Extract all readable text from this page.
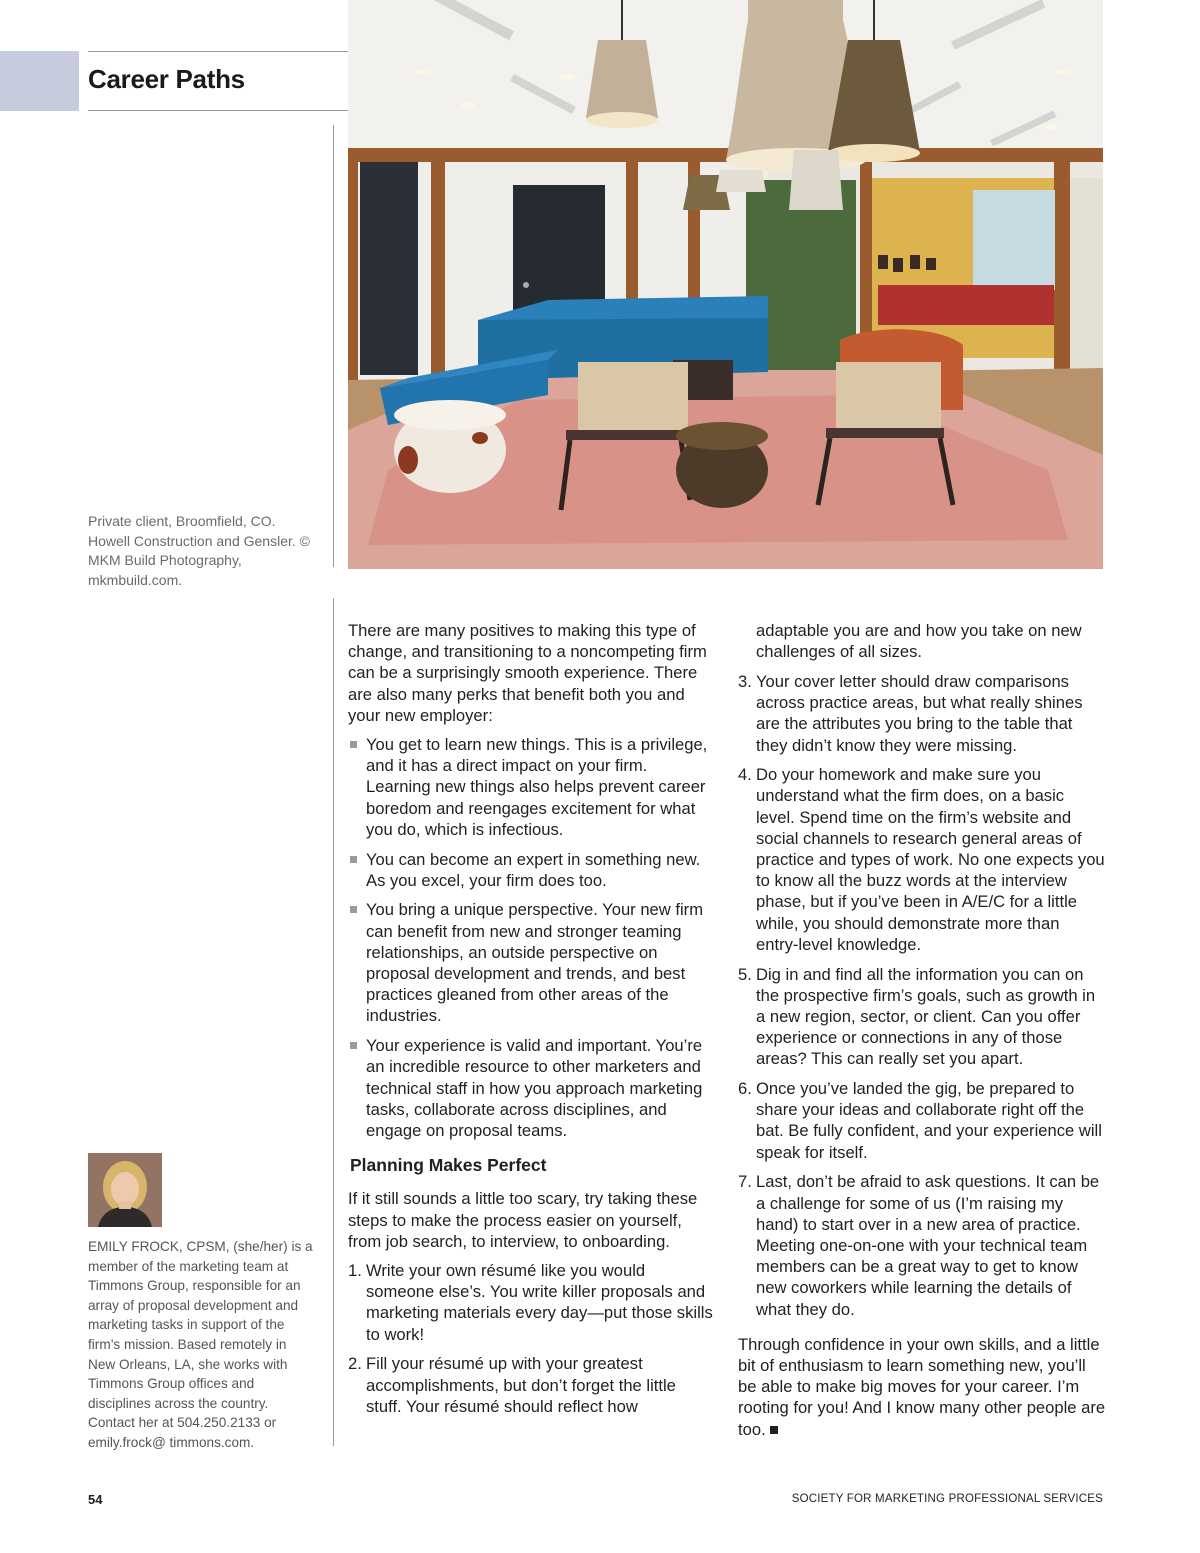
Career Paths
Private client, Broomfield, CO. Howell Construction and Gensler. © MKM Build Photography, mkmbuild.com.
EMILY FROCK, CPSM, (she/her) is a member of the marketing team at Timmons Group, responsible for an array of proposal development and marketing tasks in support of the firm’s mission. Based remotely in New Orleans, LA, she works with Timmons Group offices and disciplines across the country. Contact her at 504.250.2133 or emily.frock@ timmons.com.

There are many positives to making this type of change, and transitioning to a noncompeting firm can be a surprisingly smooth experience. There are also many perks that benefit both you and your new employer:

You get to learn new things. This is a privilege, and it has a direct impact on your firm. Learning new things also helps prevent career boredom and reengages excitement for what you do, which is infectious.
You can become an expert in something new. As you excel, your firm does too.
You bring a unique perspective. Your new firm can benefit from new and stronger teaming relationships, an outside perspective on proposal development and trends, and best practices gleaned from other areas of the industries.
Your experience is valid and important. You’re an incredible resource to other marketers and technical staff in how you approach marketing tasks, collaborate across disciplines, and engage on proposal teams.
Planning Makes Perfect

If it still sounds a little too scary, try taking these steps to make the process easier on yourself, from job search, to interview, to onboarding.

1. Write your own résumé like you would someone else’s. You write killer proposals and marketing materials every day—put those skills to work!
2. Fill your résumé up with your greatest accomplishments, but don’t forget the little stuff. Your résumé should reflect how
adaptable you are and how you take on new challenges of all sizes.
3. Your cover letter should draw comparisons across practice areas, but what really shines are the attributes you bring to the table that they didn’t know they were missing.
4. Do your homework and make sure you understand what the firm does, on a basic level. Spend time on the firm’s website and social channels to research general areas of practice and types of work. No one expects you to know all the buzz words at the interview phase, but if you’ve been in A/E/C for a little while, you should demonstrate more than entry-level knowledge.
5. Dig in and find all the information you can on the prospective firm’s goals, such as growth in a new region, sector, or client. Can you offer experience or connections in any of those areas? This can really set you apart.
6. Once you’ve landed the gig, be prepared to share your ideas and collaborate right off the bat. Be fully confident, and your experience will speak for itself.
7. Last, don’t be afraid to ask questions. It can be a challenge for some of us (I’m raising my hand) to start over in a new area of practice. Meeting one-on-one with your technical team members can be a great way to get to know new coworkers while learning the details of what they do.

Through confidence in your own skills, and a little bit of enthusiasm to learn something new, you’ll be able to make big moves for your career. I’m rooting for you! And I know many other people are too.

54	SOCIETY FOR MARKETING PROFESSIONAL SERVICES
